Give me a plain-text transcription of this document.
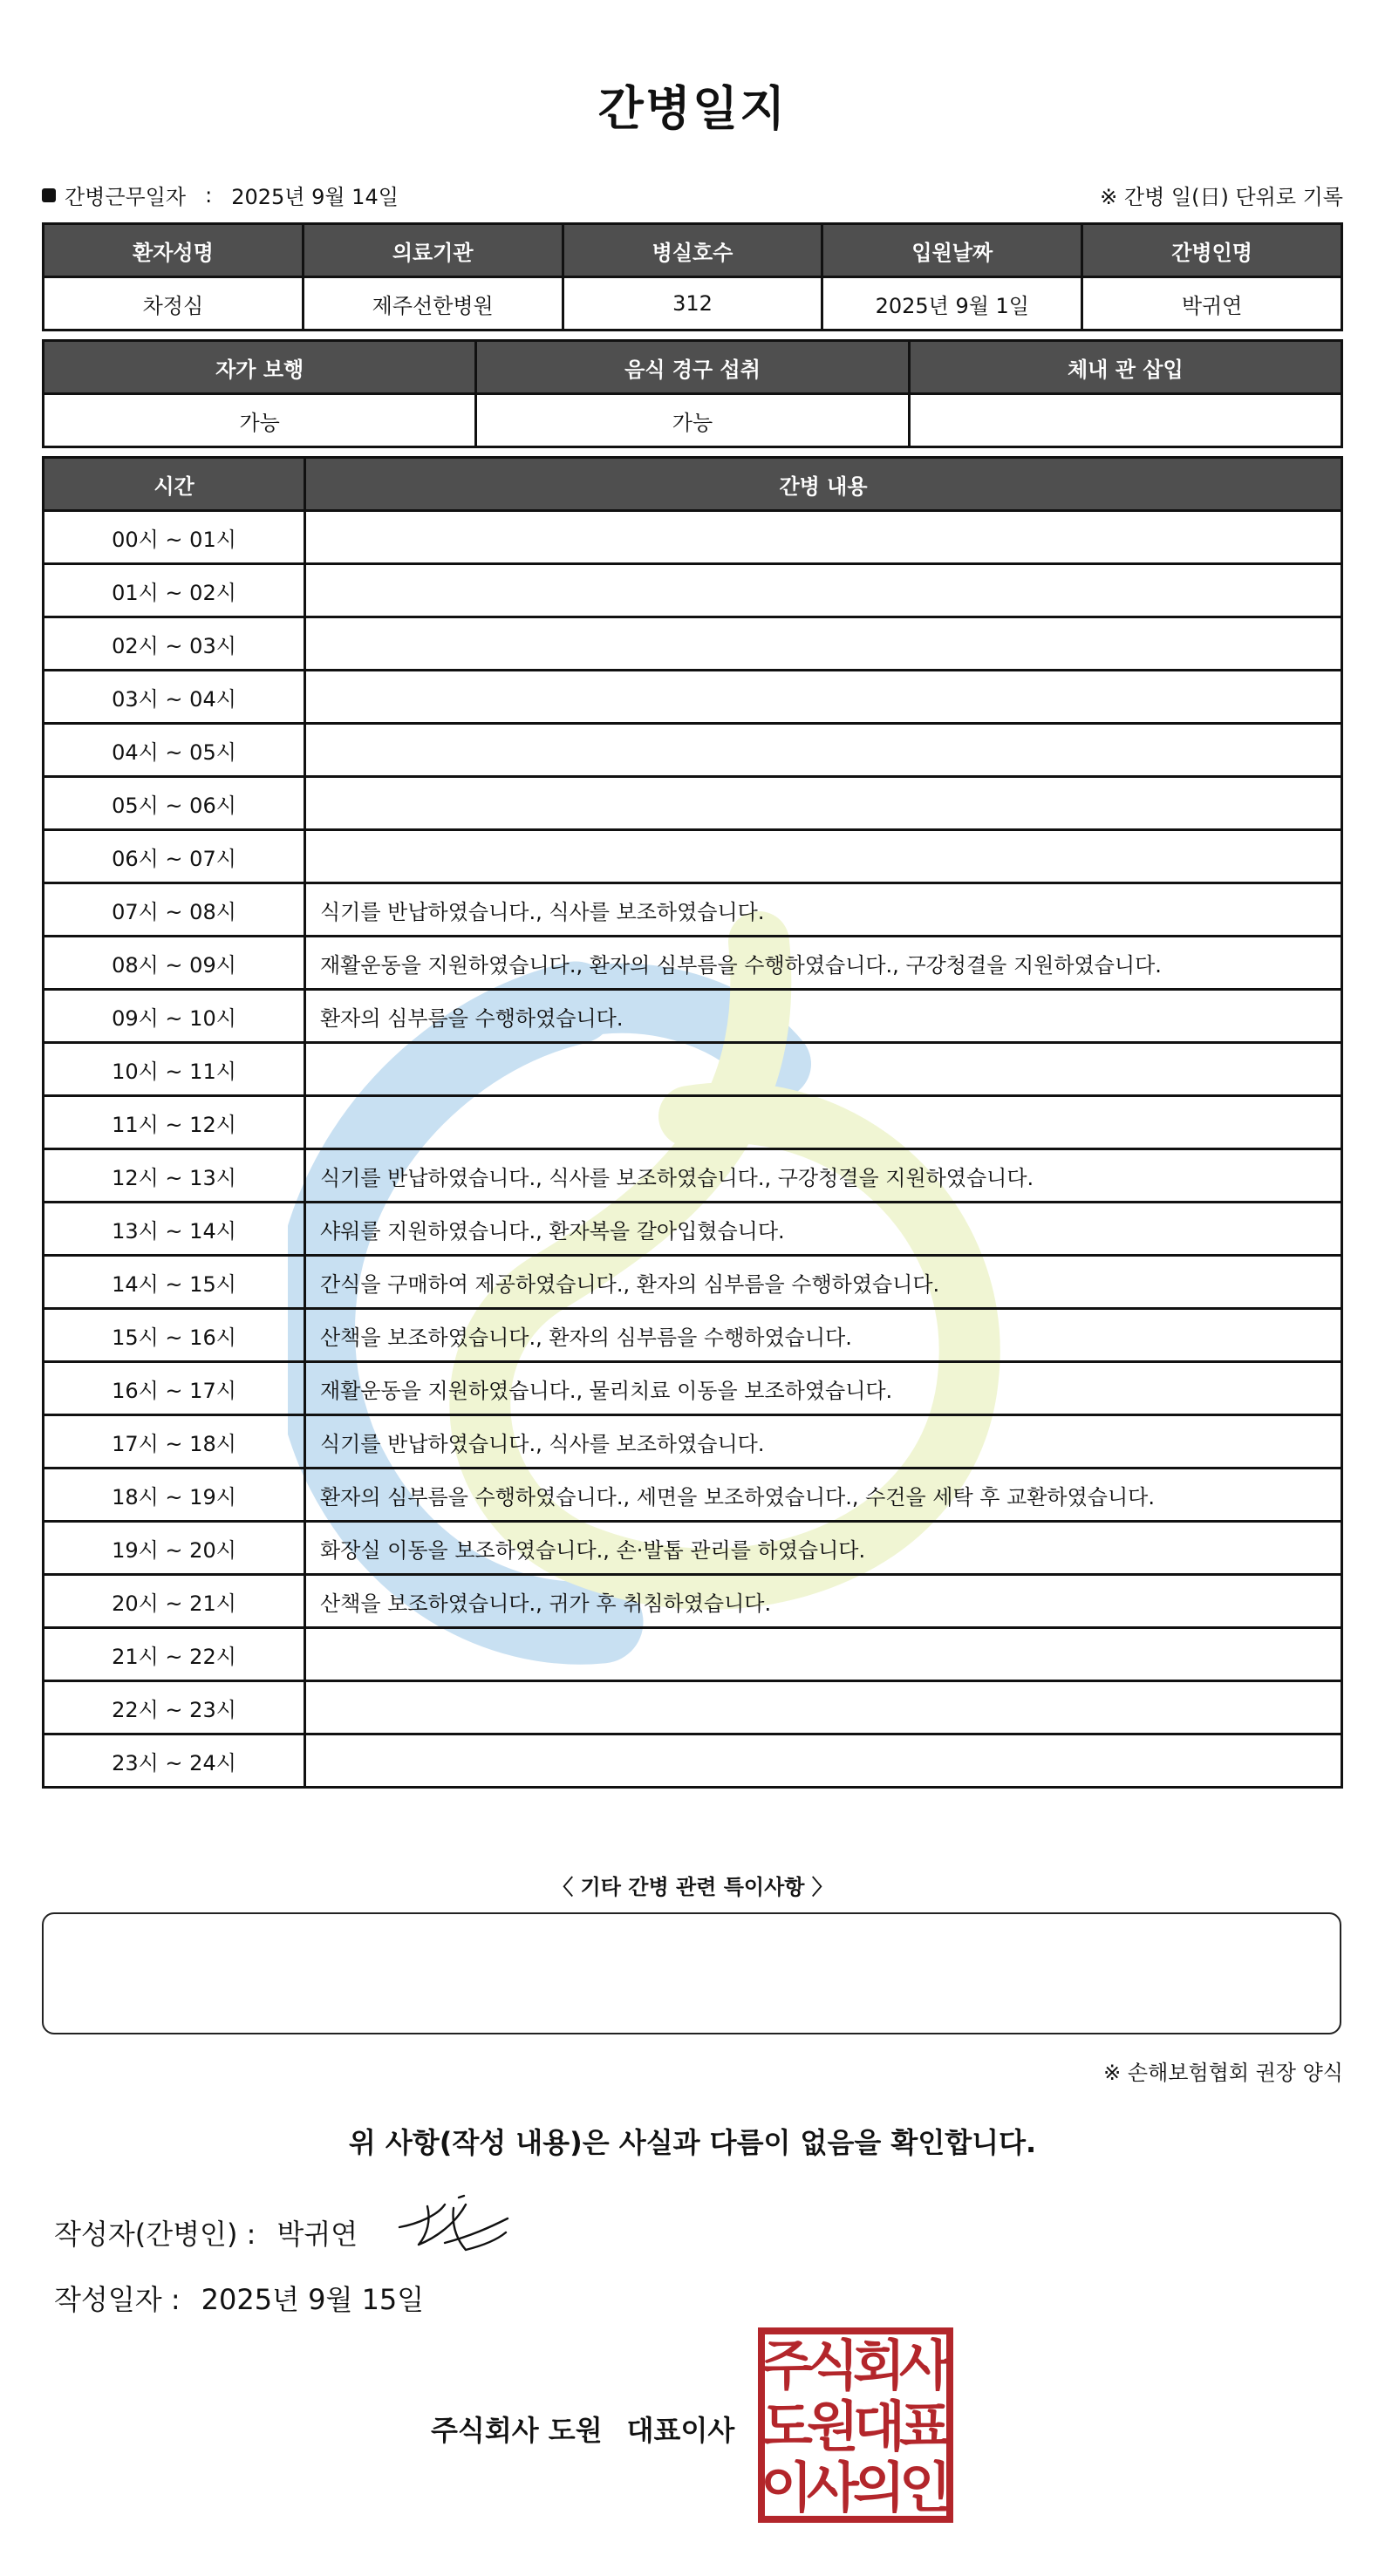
간병일지
간병근무일자 : 2025년 9월 14일	※ 간병 일(日) 단위로 기록
환자성명	의료기관	병실호수	입원날짜	간병인명
차정심	제주선한병원	312	2025년 9월 1일	박귀연
자가 보행	음식 경구 섭취	체내 관 삽입
가능	가능	
시간	간병 내용
00시 ~ 01시	
01시 ~ 02시	
02시 ~ 03시	
03시 ~ 04시	
04시 ~ 05시	
05시 ~ 06시	
06시 ~ 07시	
07시 ~ 08시	식기를 반납하였습니다., 식사를 보조하였습니다.
08시 ~ 09시	재활운동을 지원하였습니다., 환자의 심부름을 수행하였습니다., 구강청결을 지원하였습니다.
09시 ~ 10시	환자의 심부름을 수행하였습니다.
10시 ~ 11시	
11시 ~ 12시	
12시 ~ 13시	식기를 반납하였습니다., 식사를 보조하였습니다., 구강청결을 지원하였습니다.
13시 ~ 14시	샤워를 지원하였습니다., 환자복을 갈아입혔습니다.
14시 ~ 15시	간식을 구매하여 제공하였습니다., 환자의 심부름을 수행하였습니다.
15시 ~ 16시	산책을 보조하였습니다., 환자의 심부름을 수행하였습니다.
16시 ~ 17시	재활운동을 지원하였습니다., 물리치료 이동을 보조하였습니다.
17시 ~ 18시	식기를 반납하였습니다., 식사를 보조하였습니다.
18시 ~ 19시	환자의 심부름을 수행하였습니다., 세면을 보조하였습니다., 수건을 세탁 후 교환하였습니다.
19시 ~ 20시	화장실 이동을 보조하였습니다., 손·발톱 관리를 하였습니다.
20시 ~ 21시	산책을 보조하였습니다., 귀가 후 취침하였습니다.
21시 ~ 22시	
22시 ~ 23시	
23시 ~ 24시	
〈 기타 간병 관련 특이사항 〉
※ 손해보험협회 권장 양식
위 사항(작성 내용)은 사실과 다름이 없음을 확인합니다.
작성자(간병인) : 박귀연
작성일자 : 2025년 9월 15일
주식회사 도원 대표이사
주
식
회
사
도
원
대
표
이
사
의
인
